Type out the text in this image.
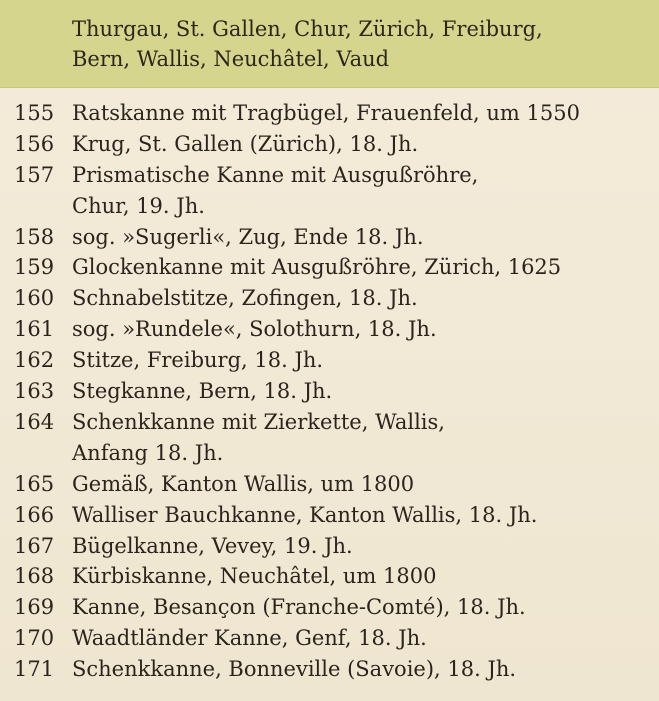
Thurgau, St. Gallen, Chur, Zürich, Freiburg,
Bern, Wallis, Neuchâtel, Vaud
155 Ratskanne mit Tragbügel, Frauenfeld, um 1550
156 Krug, St. Gallen (Zürich), 18. Jh.
157 Prismatische Kanne mit Ausgußröhre,
Chur, 19. Jh.
158 sog. »Sugerli«, Zug, Ende 18. Jh.
159 Glockenkanne mit Ausgußröhre, Zürich, 1625
160 Schnabelstitze, Zofingen, 18. Jh.
161 sog. »Rundele«, Solothurn, 18. Jh.
162 Stitze, Freiburg, 18. Jh.
163 Stegkanne, Bern, 18. Jh.
164 Schenkkanne mit Zierkette, Wallis,
Anfang 18. Jh.
165 Gemäß, Kanton Wallis, um 1800
166 Walliser Bauchkanne, Kanton Wallis, 18. Jh.
167 Bügelkanne, Vevey, 19. Jh.
168 Kürbiskanne, Neuchâtel, um 1800
169 Kanne, Besançon (Franche-Comté), 18. Jh.
170 Waadtländer Kanne, Genf, 18. Jh.
171 Schenkkanne, Bonneville (Savoie), 18. Jh.
